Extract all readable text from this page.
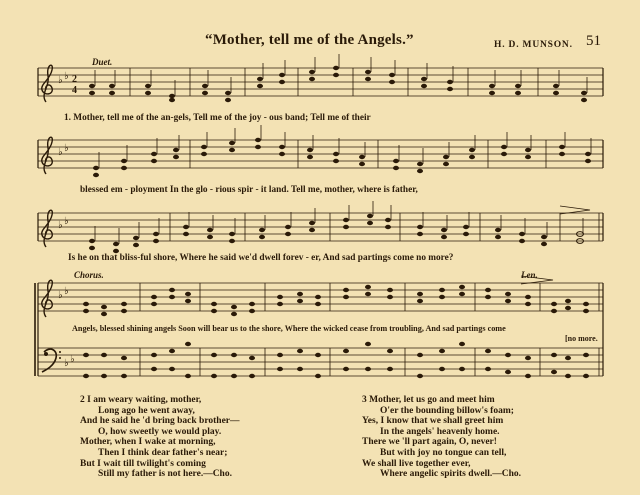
“Mother, tell me of the Angels.”	H. D. MUNSON. 51
Duet.
Chorus.	Len.
♭ ♭ 2
4
♭ ♭
♭ ♭
♭ ♭
♭ ♭
1. Mother, tell me of the an-gels, Tell me of the joy - ous band; Tell me of their
blessed em - ployment In the glo - rious spir - it land. Tell me, mother, where is father,
Is he on that bliss-ful shore, Where he said we'd dwell forev - er, And sad partings come no more?
Angels, blessed shining angels Soon will bear us to the shore, Where the wicked cease from troubling, And sad partings come
[no more.
2 I am weary waiting, mother,
Long ago he went away,
And he said he 'd bring back brother—
O, how sweetly we would play.
Mother, when I wake at morning,
Then I think dear father's near;
But I wait till twilight's coming
Still my father is not here.—Cho.
3 Mother, let us go and meet him
O'er the bounding billow's foam;
Yes, I know that we shall greet him
In the angels' heavenly home.
There we 'll part again, O, never!
But with joy no tongue can tell,
We shall live together ever,
Where angelic spirits dwell.—Cho.
